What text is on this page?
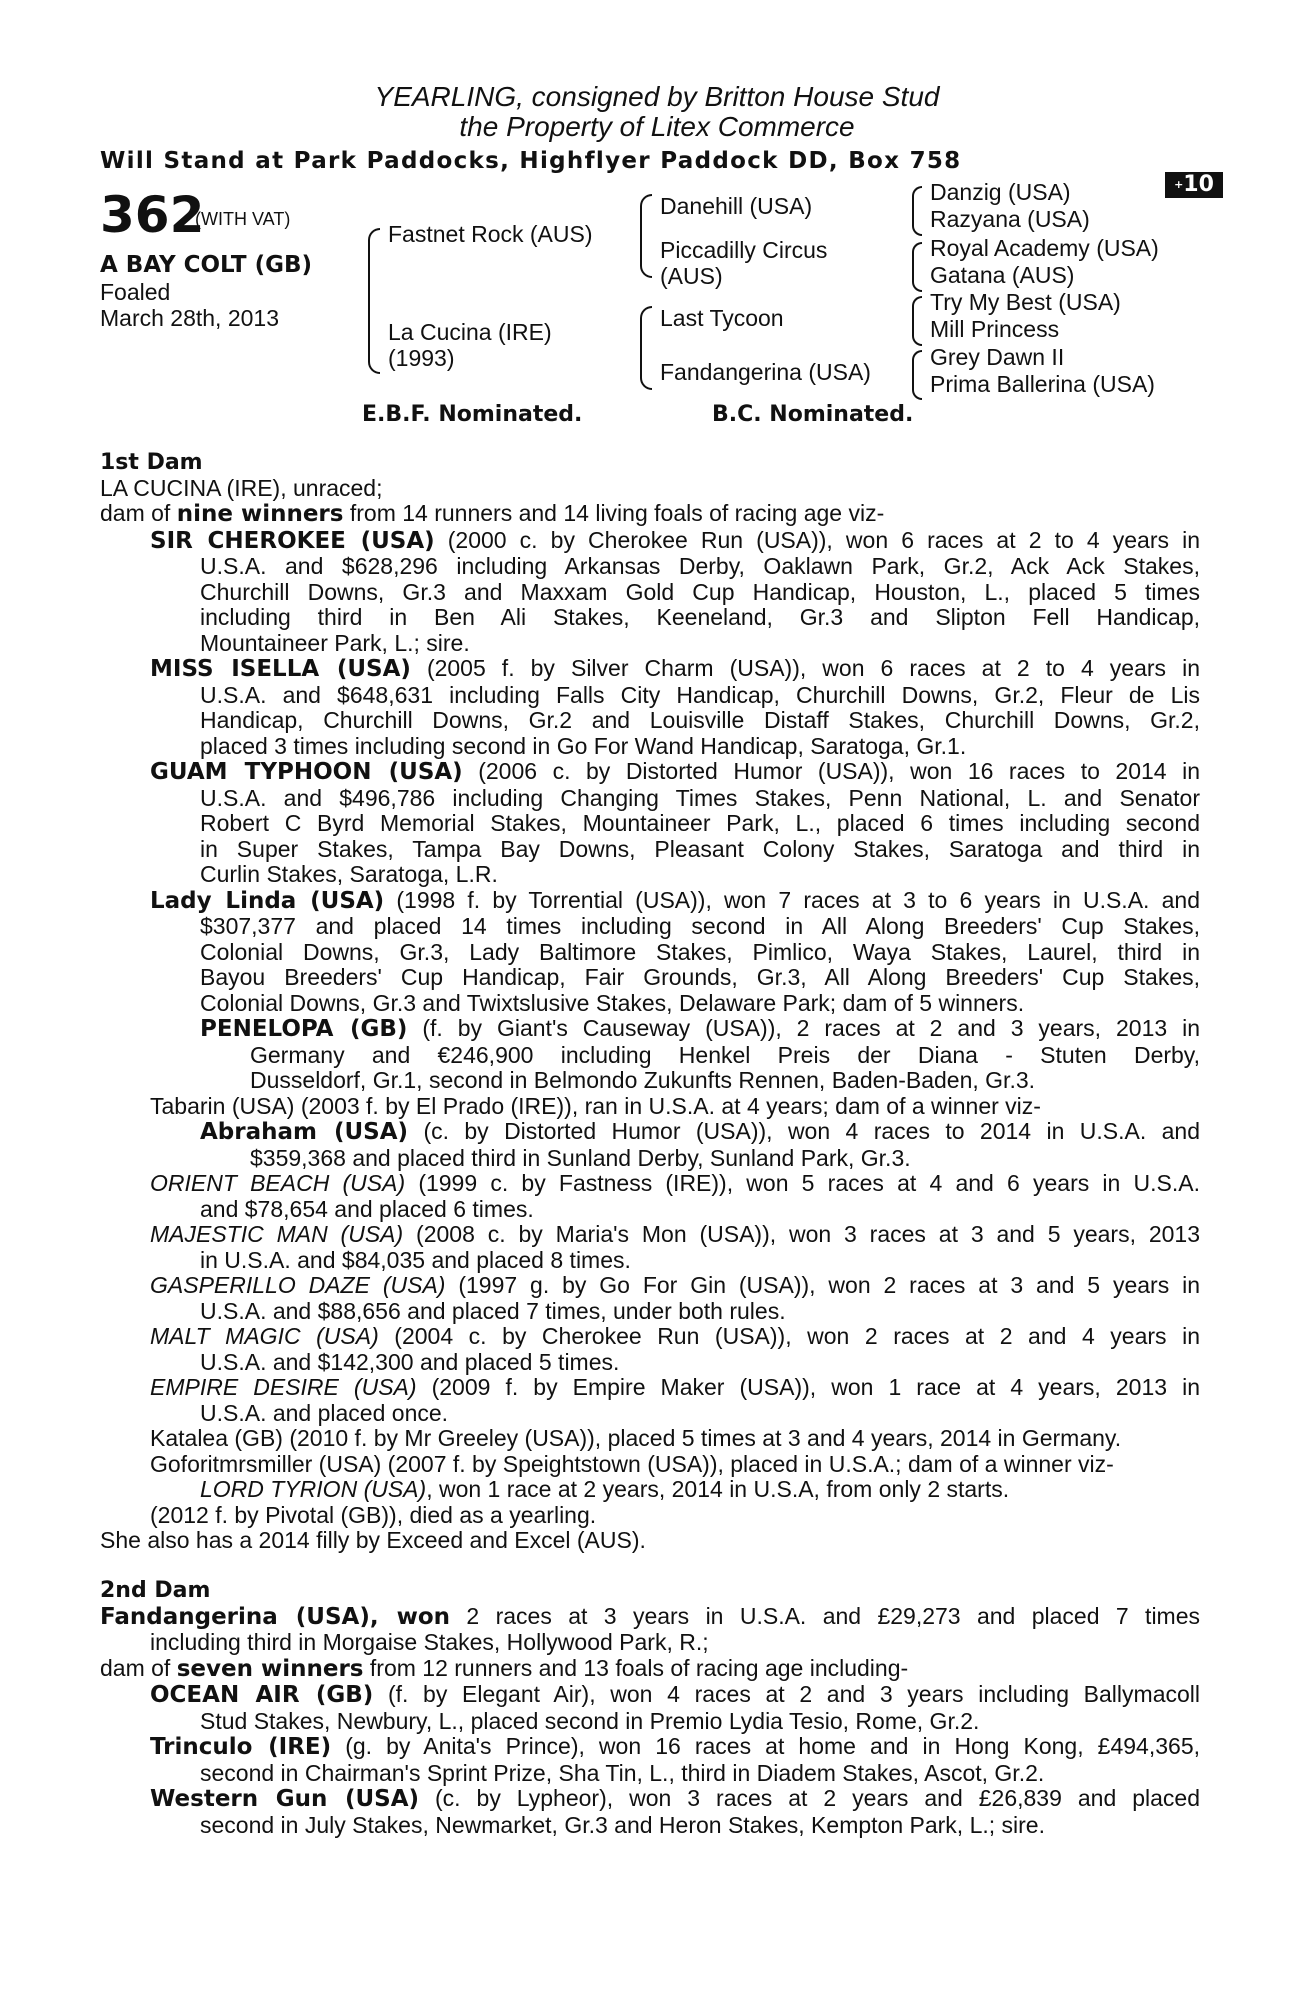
YEARLING, consigned by Britton House Stud
the Property of Litex Commerce
Will Stand at Park Paddocks, Highflyer Paddock DD, Box 758
+10
362
(WITH VAT)
A BAY COLT (GB)
Foaled
March 28th, 2013
Fastnet Rock (AUS)
La Cucina (IRE)
(1993)
Danehill (USA)
Piccadilly Circus
(AUS)
Last Tycoon
Fandangerina (USA)
Danzig (USA)
Razyana (USA)
Royal Academy (USA)
Gatana (AUS)
Try My Best (USA)
Mill Princess
Grey Dawn II
Prima Ballerina (USA)
E.B.F. Nominated.	B.C. Nominated.
1st Dam
LA CUCINA (IRE), unraced;
dam of nine winners from 14 runners and 14 living foals of racing age viz-
SIR CHEROKEE (USA) (2000 c. by Cherokee Run (USA)), won 6 races at 2 to 4 years in
U.S.A. and $628,296 including Arkansas Derby, Oaklawn Park, Gr.2, Ack Ack Stakes,
Churchill Downs, Gr.3 and Maxxam Gold Cup Handicap, Houston, L., placed 5 times
including third in Ben Ali Stakes, Keeneland, Gr.3 and Slipton Fell Handicap,
Mountaineer Park, L.; sire.
MISS ISELLA (USA) (2005 f. by Silver Charm (USA)), won 6 races at 2 to 4 years in
U.S.A. and $648,631 including Falls City Handicap, Churchill Downs, Gr.2, Fleur de Lis
Handicap, Churchill Downs, Gr.2 and Louisville Distaff Stakes, Churchill Downs, Gr.2,
placed 3 times including second in Go For Wand Handicap, Saratoga, Gr.1.
GUAM TYPHOON (USA) (2006 c. by Distorted Humor (USA)), won 16 races to 2014 in
U.S.A. and $496,786 including Changing Times Stakes, Penn National, L. and Senator
Robert C Byrd Memorial Stakes, Mountaineer Park, L., placed 6 times including second
in Super Stakes, Tampa Bay Downs, Pleasant Colony Stakes, Saratoga and third in
Curlin Stakes, Saratoga, L.R.
Lady Linda (USA) (1998 f. by Torrential (USA)), won 7 races at 3 to 6 years in U.S.A. and
$307,377 and placed 14 times including second in All Along Breeders' Cup Stakes,
Colonial Downs, Gr.3, Lady Baltimore Stakes, Pimlico, Waya Stakes, Laurel, third in
Bayou Breeders' Cup Handicap, Fair Grounds, Gr.3, All Along Breeders' Cup Stakes,
Colonial Downs, Gr.3 and Twixtslusive Stakes, Delaware Park; dam of 5 winners.
PENELOPA (GB) (f. by Giant's Causeway (USA)), 2 races at 2 and 3 years, 2013 in
Germany and €246,900 including Henkel Preis der Diana - Stuten Derby,
Dusseldorf, Gr.1, second in Belmondo Zukunfts Rennen, Baden-Baden, Gr.3.
Tabarin (USA) (2003 f. by El Prado (IRE)), ran in U.S.A. at 4 years; dam of a winner viz-
Abraham (USA) (c. by Distorted Humor (USA)), won 4 races to 2014 in U.S.A. and
$359,368 and placed third in Sunland Derby, Sunland Park, Gr.3.
ORIENT BEACH (USA) (1999 c. by Fastness (IRE)), won 5 races at 4 and 6 years in U.S.A.
and $78,654 and placed 6 times.
MAJESTIC MAN (USA) (2008 c. by Maria's Mon (USA)), won 3 races at 3 and 5 years, 2013
in U.S.A. and $84,035 and placed 8 times.
GASPERILLO DAZE (USA) (1997 g. by Go For Gin (USA)), won 2 races at 3 and 5 years in
U.S.A. and $88,656 and placed 7 times, under both rules.
MALT MAGIC (USA) (2004 c. by Cherokee Run (USA)), won 2 races at 2 and 4 years in
U.S.A. and $142,300 and placed 5 times.
EMPIRE DESIRE (USA) (2009 f. by Empire Maker (USA)), won 1 race at 4 years, 2013 in
U.S.A. and placed once.
Katalea (GB) (2010 f. by Mr Greeley (USA)), placed 5 times at 3 and 4 years, 2014 in Germany.
Goforitmrsmiller (USA) (2007 f. by Speightstown (USA)), placed in U.S.A.; dam of a winner viz-
LORD TYRION (USA), won 1 race at 2 years, 2014 in U.S.A, from only 2 starts.
(2012 f. by Pivotal (GB)), died as a yearling.
She also has a 2014 filly by Exceed and Excel (AUS).
2nd Dam
Fandangerina (USA), won 2 races at 3 years in U.S.A. and £29,273 and placed 7 times
including third in Morgaise Stakes, Hollywood Park, R.;
dam of seven winners from 12 runners and 13 foals of racing age including-
OCEAN AIR (GB) (f. by Elegant Air), won 4 races at 2 and 3 years including Ballymacoll
Stud Stakes, Newbury, L., placed second in Premio Lydia Tesio, Rome, Gr.2.
Trinculo (IRE) (g. by Anita's Prince), won 16 races at home and in Hong Kong, £494,365,
second in Chairman's Sprint Prize, Sha Tin, L., third in Diadem Stakes, Ascot, Gr.2.
Western Gun (USA) (c. by Lypheor), won 3 races at 2 years and £26,839 and placed
second in July Stakes, Newmarket, Gr.3 and Heron Stakes, Kempton Park, L.; sire.
